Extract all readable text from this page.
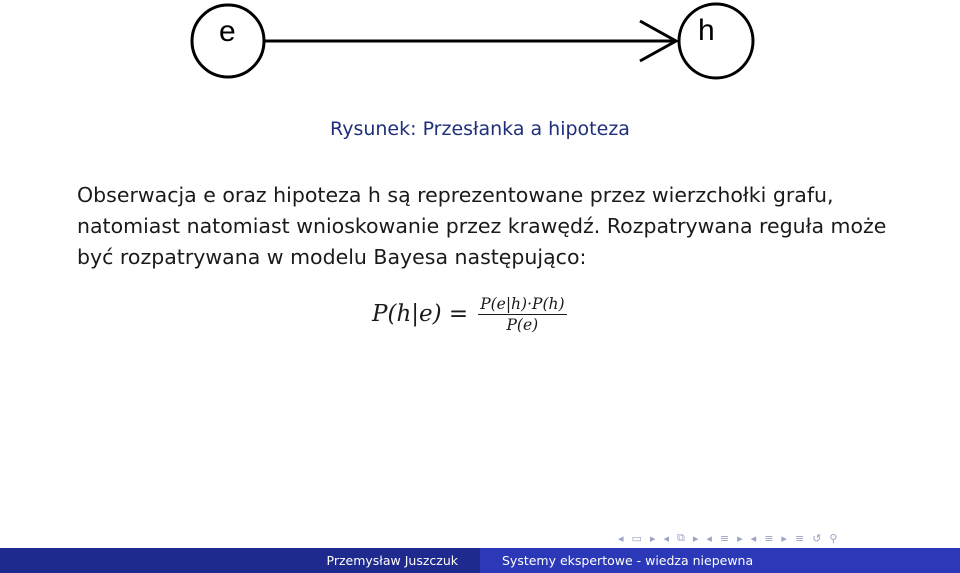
e	h
Rysunek: Przesłanka a hipoteza
Obserwacja e oraz hipoteza h są reprezentowane przez wierzchołki grafu, natomiast natomiast wnioskowanie przez krawędź. Rozpatrywana reguła może być rozpatrywana w modelu Bayesa następująco:
$P(h|e) = \frac{P(e|h)\cdot P(h)}{P(e)}$
◂ ▭ ▸ ◂ ⧉ ▸ ◂ ≡ ▸ ◂ ≡ ▸ ≡ ↺ ⚲
Przemysław Juszczuk	Systemy ekspertowe - wiedza niepewna
